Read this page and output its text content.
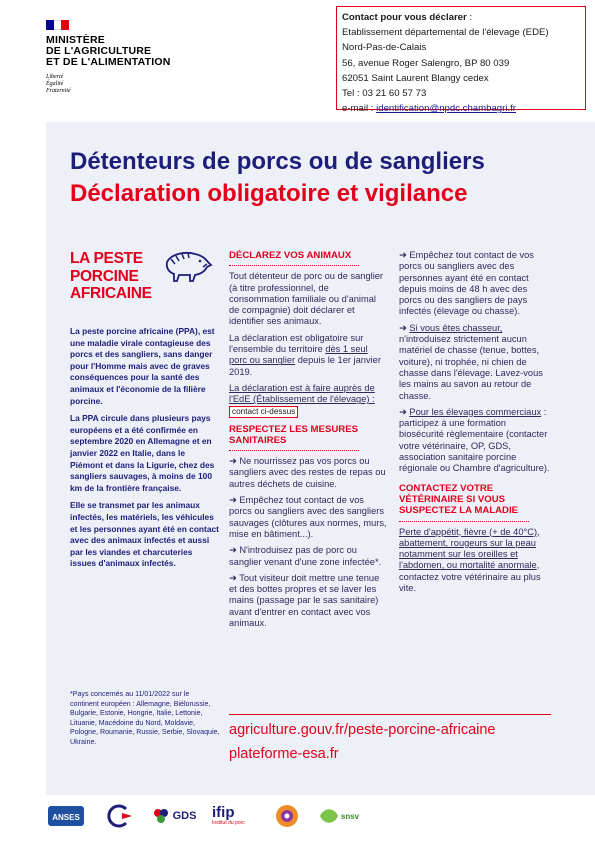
MINISTÈRE
DE L'AGRICULTURE
ET DE L'ALIMENTATION
Liberté
Égalité
Fraternité
Contact pour vous déclarer :
Etablissement départemental de l'élevage (EDE)
Nord-Pas-de-Calais
56, avenue Roger Salengro, BP 80 039
62051 Saint Laurent Blangy cedex
Tel : 03 21 60 57 73
e-mail : identification@npdc.chambagri.fr
Détenteurs de porcs ou de sangliers
Déclaration obligatoire et vigilance
LA PESTE
PORCINE
AFRICAINE

La peste porcine africaine (PPA), est une maladie virale contagieuse des porcs et des sangliers, sans danger pour l'Homme mais avec de graves conséquences pour la santé des animaux et l'économie de la filière porcine.

La PPA circule dans plusieurs pays européens et a été confirmée en septembre 2020 en Allemagne et en janvier 2022 en Italie, dans le Piémont et dans la Ligurie, chez des sangliers sauvages, à moins de 100 km de la frontière française.

Elle se transmet par les animaux infectés, les matériels, les véhicules et les personnes ayant été en contact avec des animaux infectés et aussi par les viandes et charcuteries issues d'animaux infectés.

*Pays concernés au 11/01/2022 sur le continent européen : Allemagne, Biélorussie, Bulgarie, Estonie, Hongrie, Italie, Lettonie, Lituanie, Macédoine du Nord, Moldavie, Pologne, Roumanie, Russie, Serbie, Slovaquie, Ukraine.
DÉCLAREZ VOS ANIMAUX

Tout détenteur de porc ou de sanglier (à titre professionnel, de consommation familiale ou d'animal de compagnie) doit déclarer et identifier ses animaux.

La déclaration est obligatoire sur l'ensemble du territoire dès 1 seul porc ou sanglier depuis le 1er janvier 2019.

La déclaration est à faire auprès de l'EdE (Établissement de l'élevage) : contact ci-dessus

RESPECTEZ LES MESURES SANITAIRES

➜ Ne nourrissez pas vos porcs ou sangliers avec des restes de repas ou autres déchets de cuisine.

➜ Empêchez tout contact de vos porcs ou sangliers avec des sangliers sauvages (clôtures aux normes, murs, mise en bâtiment...).

➜ N'introduisez pas de porc ou sanglier venant d'une zone infectée*.

➜ Tout visiteur doit mettre une tenue et des bottes propres et se laver les mains (passage par le sas sanitaire) avant d'entrer en contact avec vos animaux.

➜ Empêchez tout contact de vos porcs ou sangliers avec des personnes ayant été en contact depuis moins de 48 h avec des porcs ou des sangliers de pays infectés (élevage ou chasse).

➜ Si vous êtes chasseur, n'introduisez strictement aucun matériel de chasse (tenue, bottes, voiture), ni trophée, ni chien de chasse dans l'élevage. Lavez-vous les mains au savon au retour de chasse.

➜ Pour les élevages commerciaux : participez à une formation biosécurité règlementaire (contacter votre vétérinaire, OP, GDS, association sanitaire porcine régionale ou Chambre d'agriculture).

CONTACTEZ VOTRE VÉTÉRINAIRE SI VOUS SUSPECTEZ LA MALADIE

Perte d'appétit, fièvre (+ de 40°C), abattement, rougeurs sur la peau notamment sur les oreilles et l'abdomen, ou mortalité anormale, contactez votre vétérinaire au plus vite.

agriculture.gouv.fr/peste-porcine-africaine
plateforme-esa.fr
ANSES	GDS ifip
Institut du porc
snsv
